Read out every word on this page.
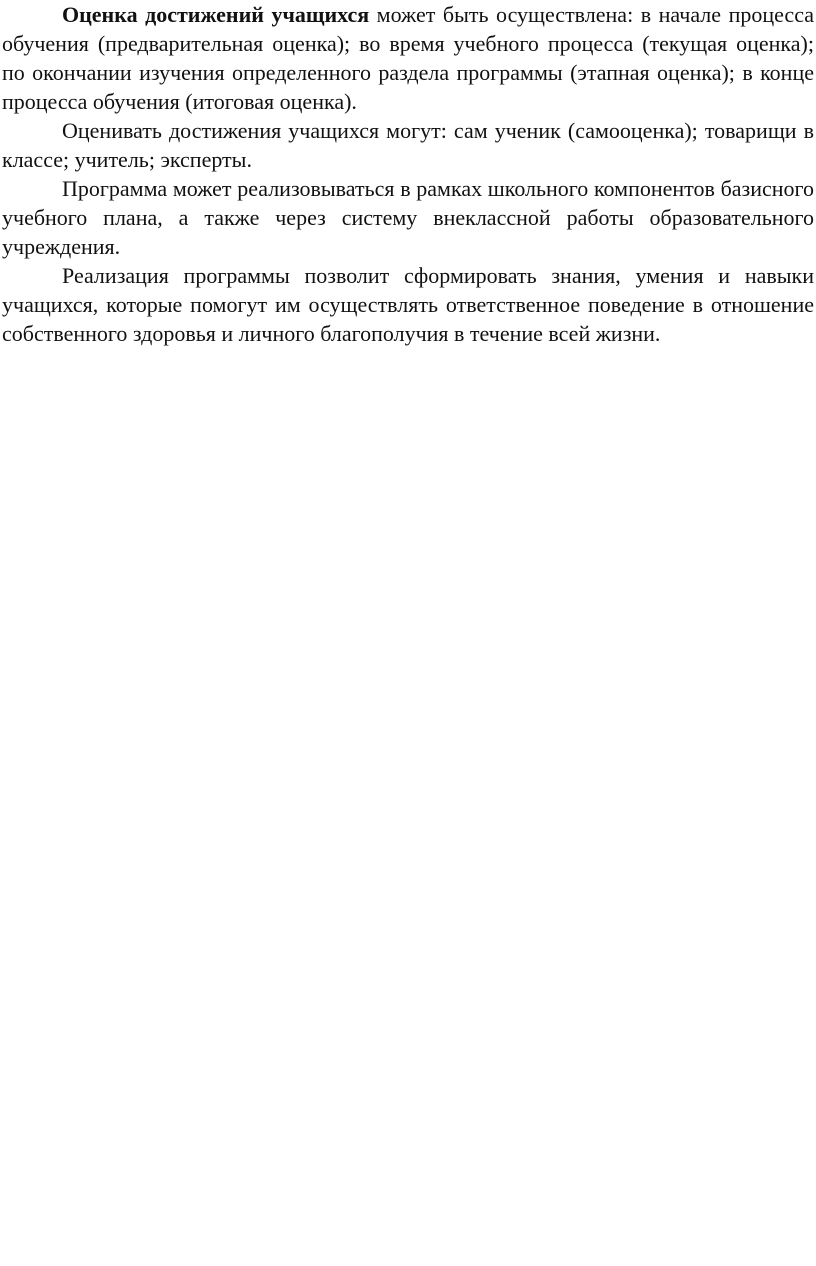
Оценка достижений учащихся может быть осуществлена: в начале процесса обучения (предварительная оценка); во время учебного процесса (текущая оценка); по окончании изучения определенного раздела программы (этапная оценка); в конце процесса обучения (итоговая оценка).

Оценивать достижения учащихся могут: сам ученик (самооценка); товарищи в классе; учитель; эксперты.

Программа может реализовываться в рамках школьного компонентов базисного учебного плана, а также через систему внеклассной работы образовательного учреждения.

Реализация программы позволит сформировать знания, умения и навыки учащихся, которые помогут им осуществлять ответственное поведение в отношение собственного здоровья и личного благополучия в течение всей жизни.
